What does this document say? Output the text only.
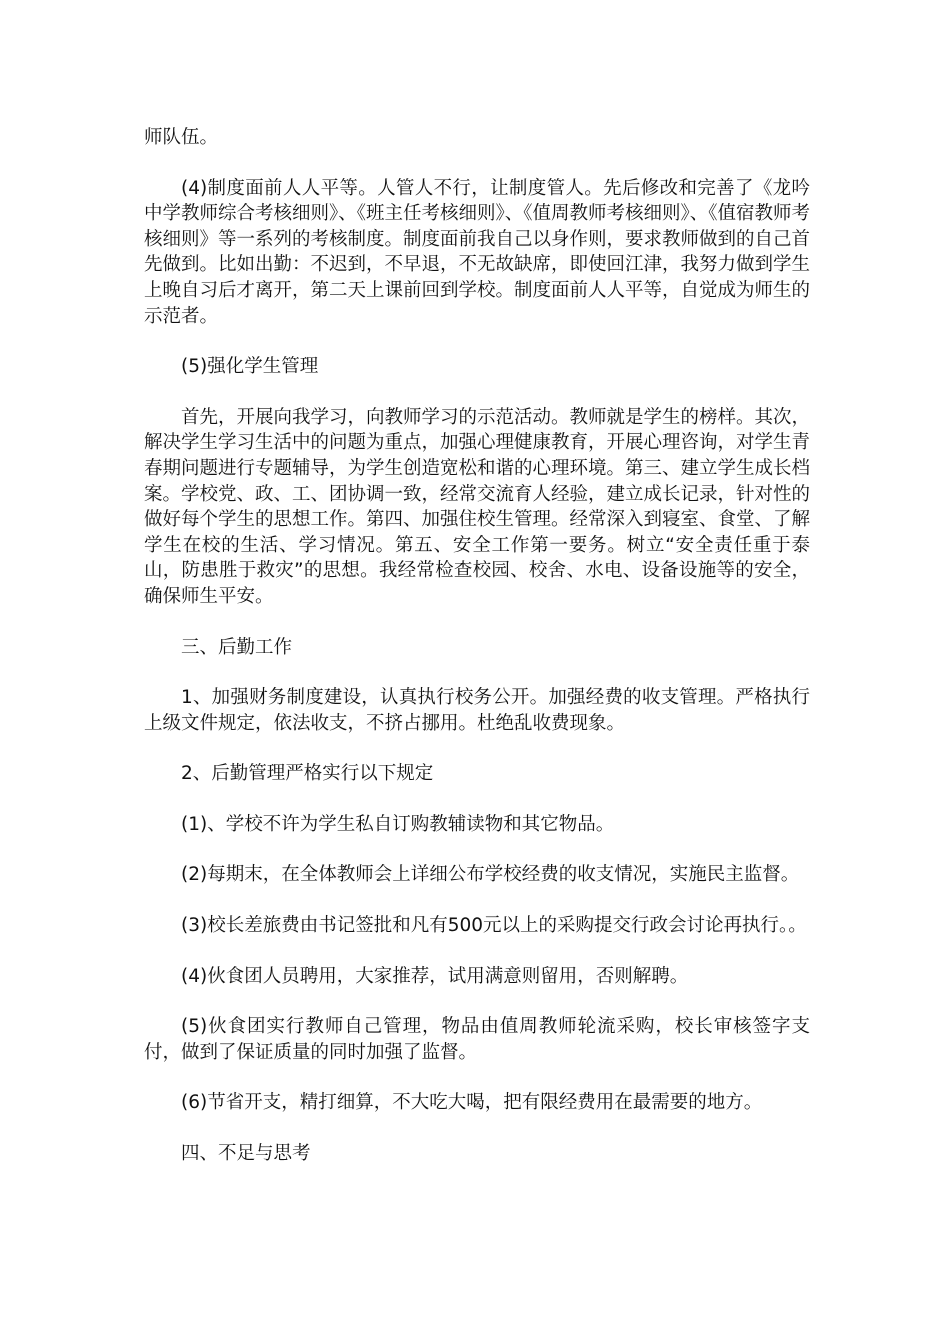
师队伍。

(4)制度面前人人平等。人管人不行，让制度管人。先后修改和完善了《龙吟中学教师综合考核细则》、《班主任考核细则》、《值周教师考核细则》、《值宿教师考核细则》等一系列的考核制度。制度面前我自己以身作则，要求教师做到的自己首先做到。比如出勤：不迟到，不早退，不无故缺席，即使回江津，我努力做到学生上晚自习后才离开，第二天上课前回到学校。制度面前人人平等，自觉成为师生的示范者。

(5)强化学生管理

首先，开展向我学习，向教师学习的示范活动。教师就是学生的榜样。其次，解决学生学习生活中的问题为重点，加强心理健康教育，开展心理咨询，对学生青春期问题进行专题辅导，为学生创造宽松和谐的心理环境。第三、建立学生成长档案。学校党、政、工、团协调一致，经常交流育人经验，建立成长记录，针对性的做好每个学生的思想工作。第四、加强住校生管理。经常深入到寝室、食堂、了解学生在校的生活、学习情况。第五、安全工作第一要务。树立“安全责任重于泰山，防患胜于救灾”的思想。我经常检查校园、校舍、水电、设备设施等的安全，确保师生平安。

三、后勤工作

1、加强财务制度建设，认真执行校务公开。加强经费的收支管理。严格执行上级文件规定，依法收支，不挤占挪用。杜绝乱收费现象。

2、后勤管理严格实行以下规定

(1)、学校不许为学生私自订购教辅读物和其它物品。

(2)每期末，在全体教师会上详细公布学校经费的收支情况，实施民主监督。

(3)校长差旅费由书记签批和凡有500元以上的采购提交行政会讨论再执行。。

(4)伙食团人员聘用，大家推荐，试用满意则留用，否则解聘。

(5)伙食团实行教师自己管理，物品由值周教师轮流采购，校长审核签字支付，做到了保证质量的同时加强了监督。

(6)节省开支，精打细算，不大吃大喝，把有限经费用在最需要的地方。

四、不足与思考
